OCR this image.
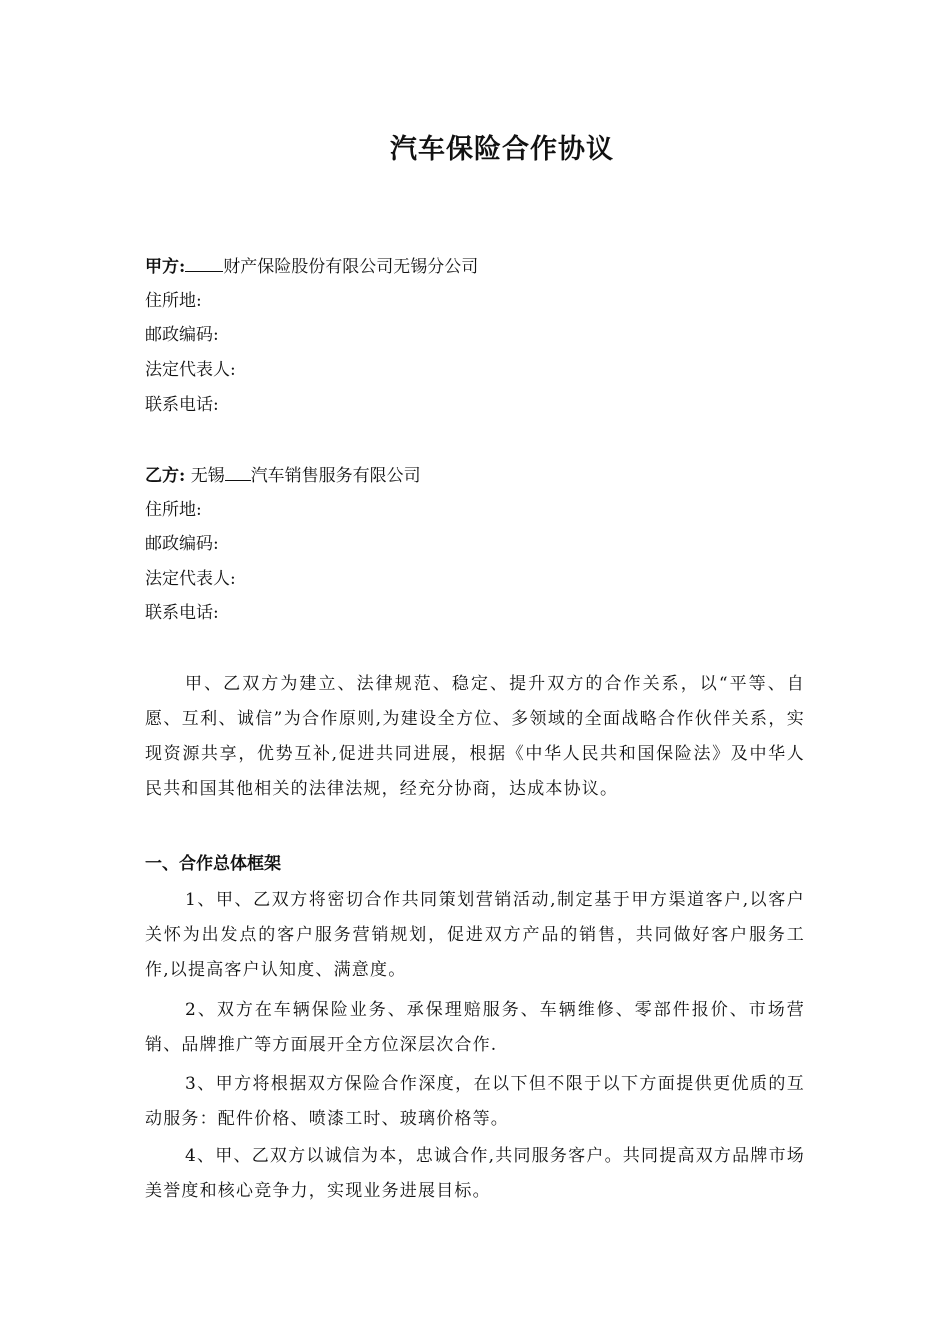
汽车保险合作协议
甲方: 财产保险股份有限公司无锡分公司
住所地:
邮政编码:
法定代表人:
联系电话:
乙方: 无锡 汽车销售服务有限公司
住所地:
邮政编码:
法定代表人:
联系电话:
甲、乙双方为建立、法律规范、稳定、提升双方的合作关系，以“平等、自愿、互利、诚信”为合作原则,为建设全方位、多领域的全面战略合作伙伴关系，实现资源共享，优势互补,促进共同进展，根据《中华人民共和国保险法》及中华人民共和国其他相关的法律法规，经充分协商，达成本协议。
一、合作总体框架
1、甲、乙双方将密切合作共同策划营销活动,制定基于甲方渠道客户,以客户关怀为出发点的客户服务营销规划，促进双方产品的销售，共同做好客户服务工作,以提高客户认知度、满意度。
2、双方在车辆保险业务、承保理赔服务、车辆维修、零部件报价、市场营销、品牌推广等方面展开全方位深层次合作.
3、甲方将根据双方保险合作深度，在以下但不限于以下方面提供更优质的互动服务：配件价格、喷漆工时、玻璃价格等。
4、甲、乙双方以诚信为本，忠诚合作,共同服务客户。共同提高双方品牌市场美誉度和核心竞争力，实现业务进展目标。
